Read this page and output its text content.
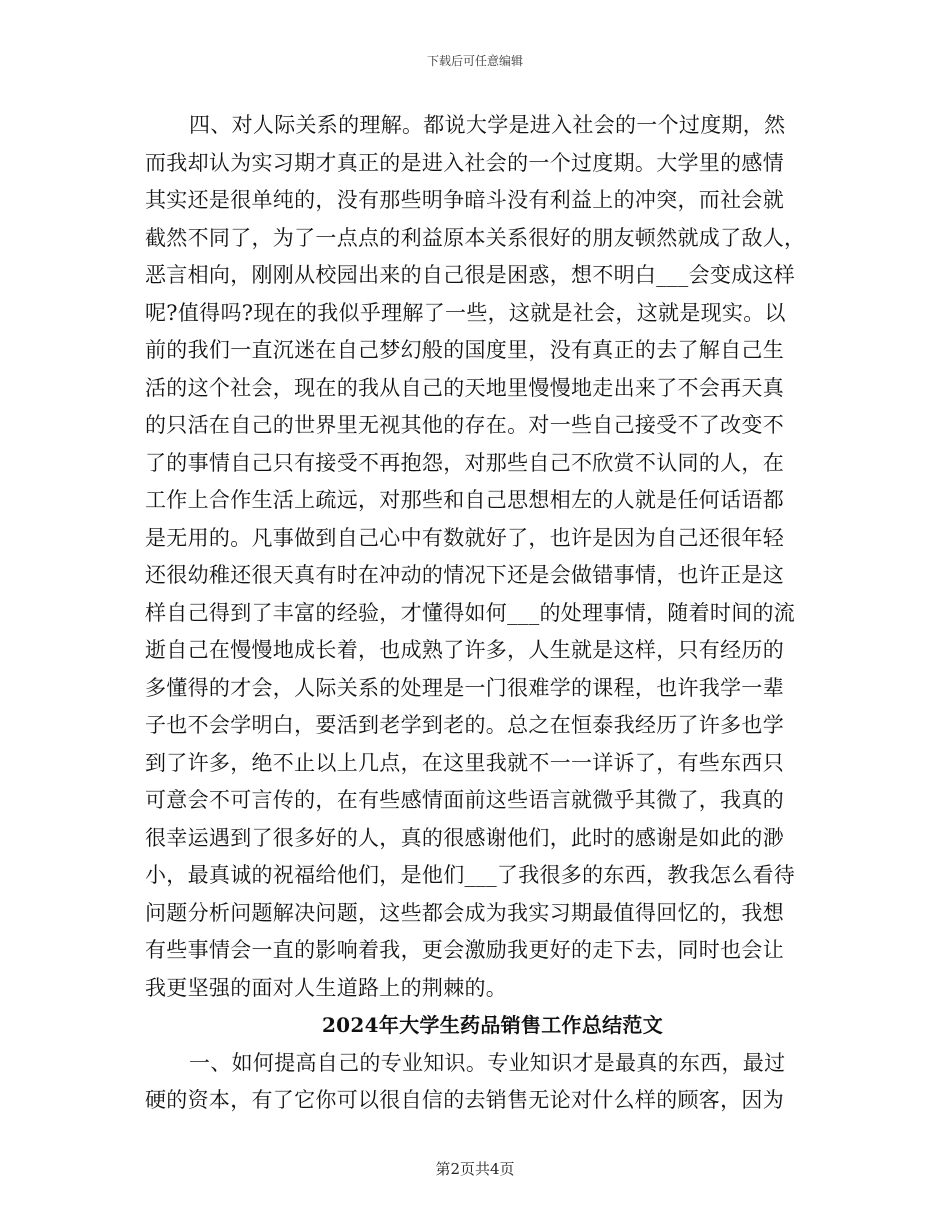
下载后可任意编辑
四、对人际关系的理解。都说大学是进入社会的一个过度期，然
而我却认为实习期才真正的是进入社会的一个过度期。大学里的感情
其实还是很单纯的，没有那些明争暗斗没有利益上的冲突，而社会就
截然不同了，为了一点点的利益原本关系很好的朋友顿然就成了敌人，
恶言相向，刚刚从校园出来的自己很是困惑，想不明白___会变成这样
呢?值得吗?现在的我似乎理解了一些，这就是社会，这就是现实。以
前的我们一直沉迷在自己梦幻般的国度里，没有真正的去了解自己生
活的这个社会，现在的我从自己的天地里慢慢地走出来了不会再天真
的只活在自己的世界里无视其他的存在。对一些自己接受不了改变不
了的事情自己只有接受不再抱怨，对那些自己不欣赏不认同的人，在
工作上合作生活上疏远，对那些和自己思想相左的人就是任何话语都
是无用的。凡事做到自己心中有数就好了，也许是因为自己还很年轻
还很幼稚还很天真有时在冲动的情况下还是会做错事情，也许正是这
样自己得到了丰富的经验，才懂得如何___的处理事情，随着时间的流
逝自己在慢慢地成长着，也成熟了许多，人生就是这样，只有经历的
多懂得的才会，人际关系的处理是一门很难学的课程，也许我学一辈
子也不会学明白，要活到老学到老的。总之在恒泰我经历了许多也学
到了许多，绝不止以上几点，在这里我就不一一详诉了，有些东西只
可意会不可言传的，在有些感情面前这些语言就微乎其微了，我真的
很幸运遇到了很多好的人，真的很感谢他们，此时的感谢是如此的渺
小，最真诚的祝福给他们，是他们___了我很多的东西，教我怎么看待
问题分析问题解决问题，这些都会成为我实习期最值得回忆的，我想
有些事情会一直的影响着我，更会激励我更好的走下去，同时也会让
我更坚强的面对人生道路上的荆棘的。
2024年大学生药品销售工作总结范文
一、如何提高自己的专业知识。专业知识才是最真的东西，最过
硬的资本，有了它你可以很自信的去销售无论对什么样的顾客，因为
第2页共4页
